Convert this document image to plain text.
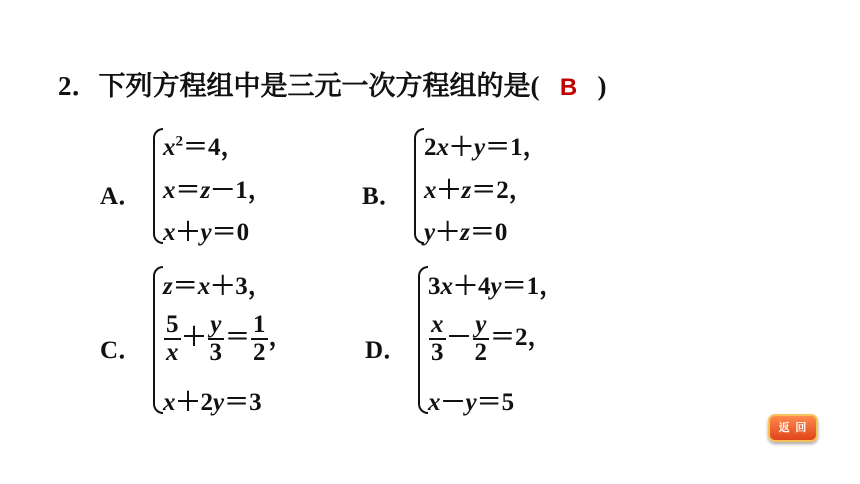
2．下列方程组中是三元一次方程组的是( B )
A．
$x^2=4$，
x＝z－1，
x＋y＝0
B．
2x＋y＝1，
x＋z＝2，
y＋z＝0
C．
z＝x＋3，
$\frac{5}{x} + \frac{y}{3} = \frac{1}{2}$ ，
x＋2y＝3
D．
3x＋4y＝1，
$\frac{x}{3} - \frac{y}{2} =2$，
x－y＝5
返 回
